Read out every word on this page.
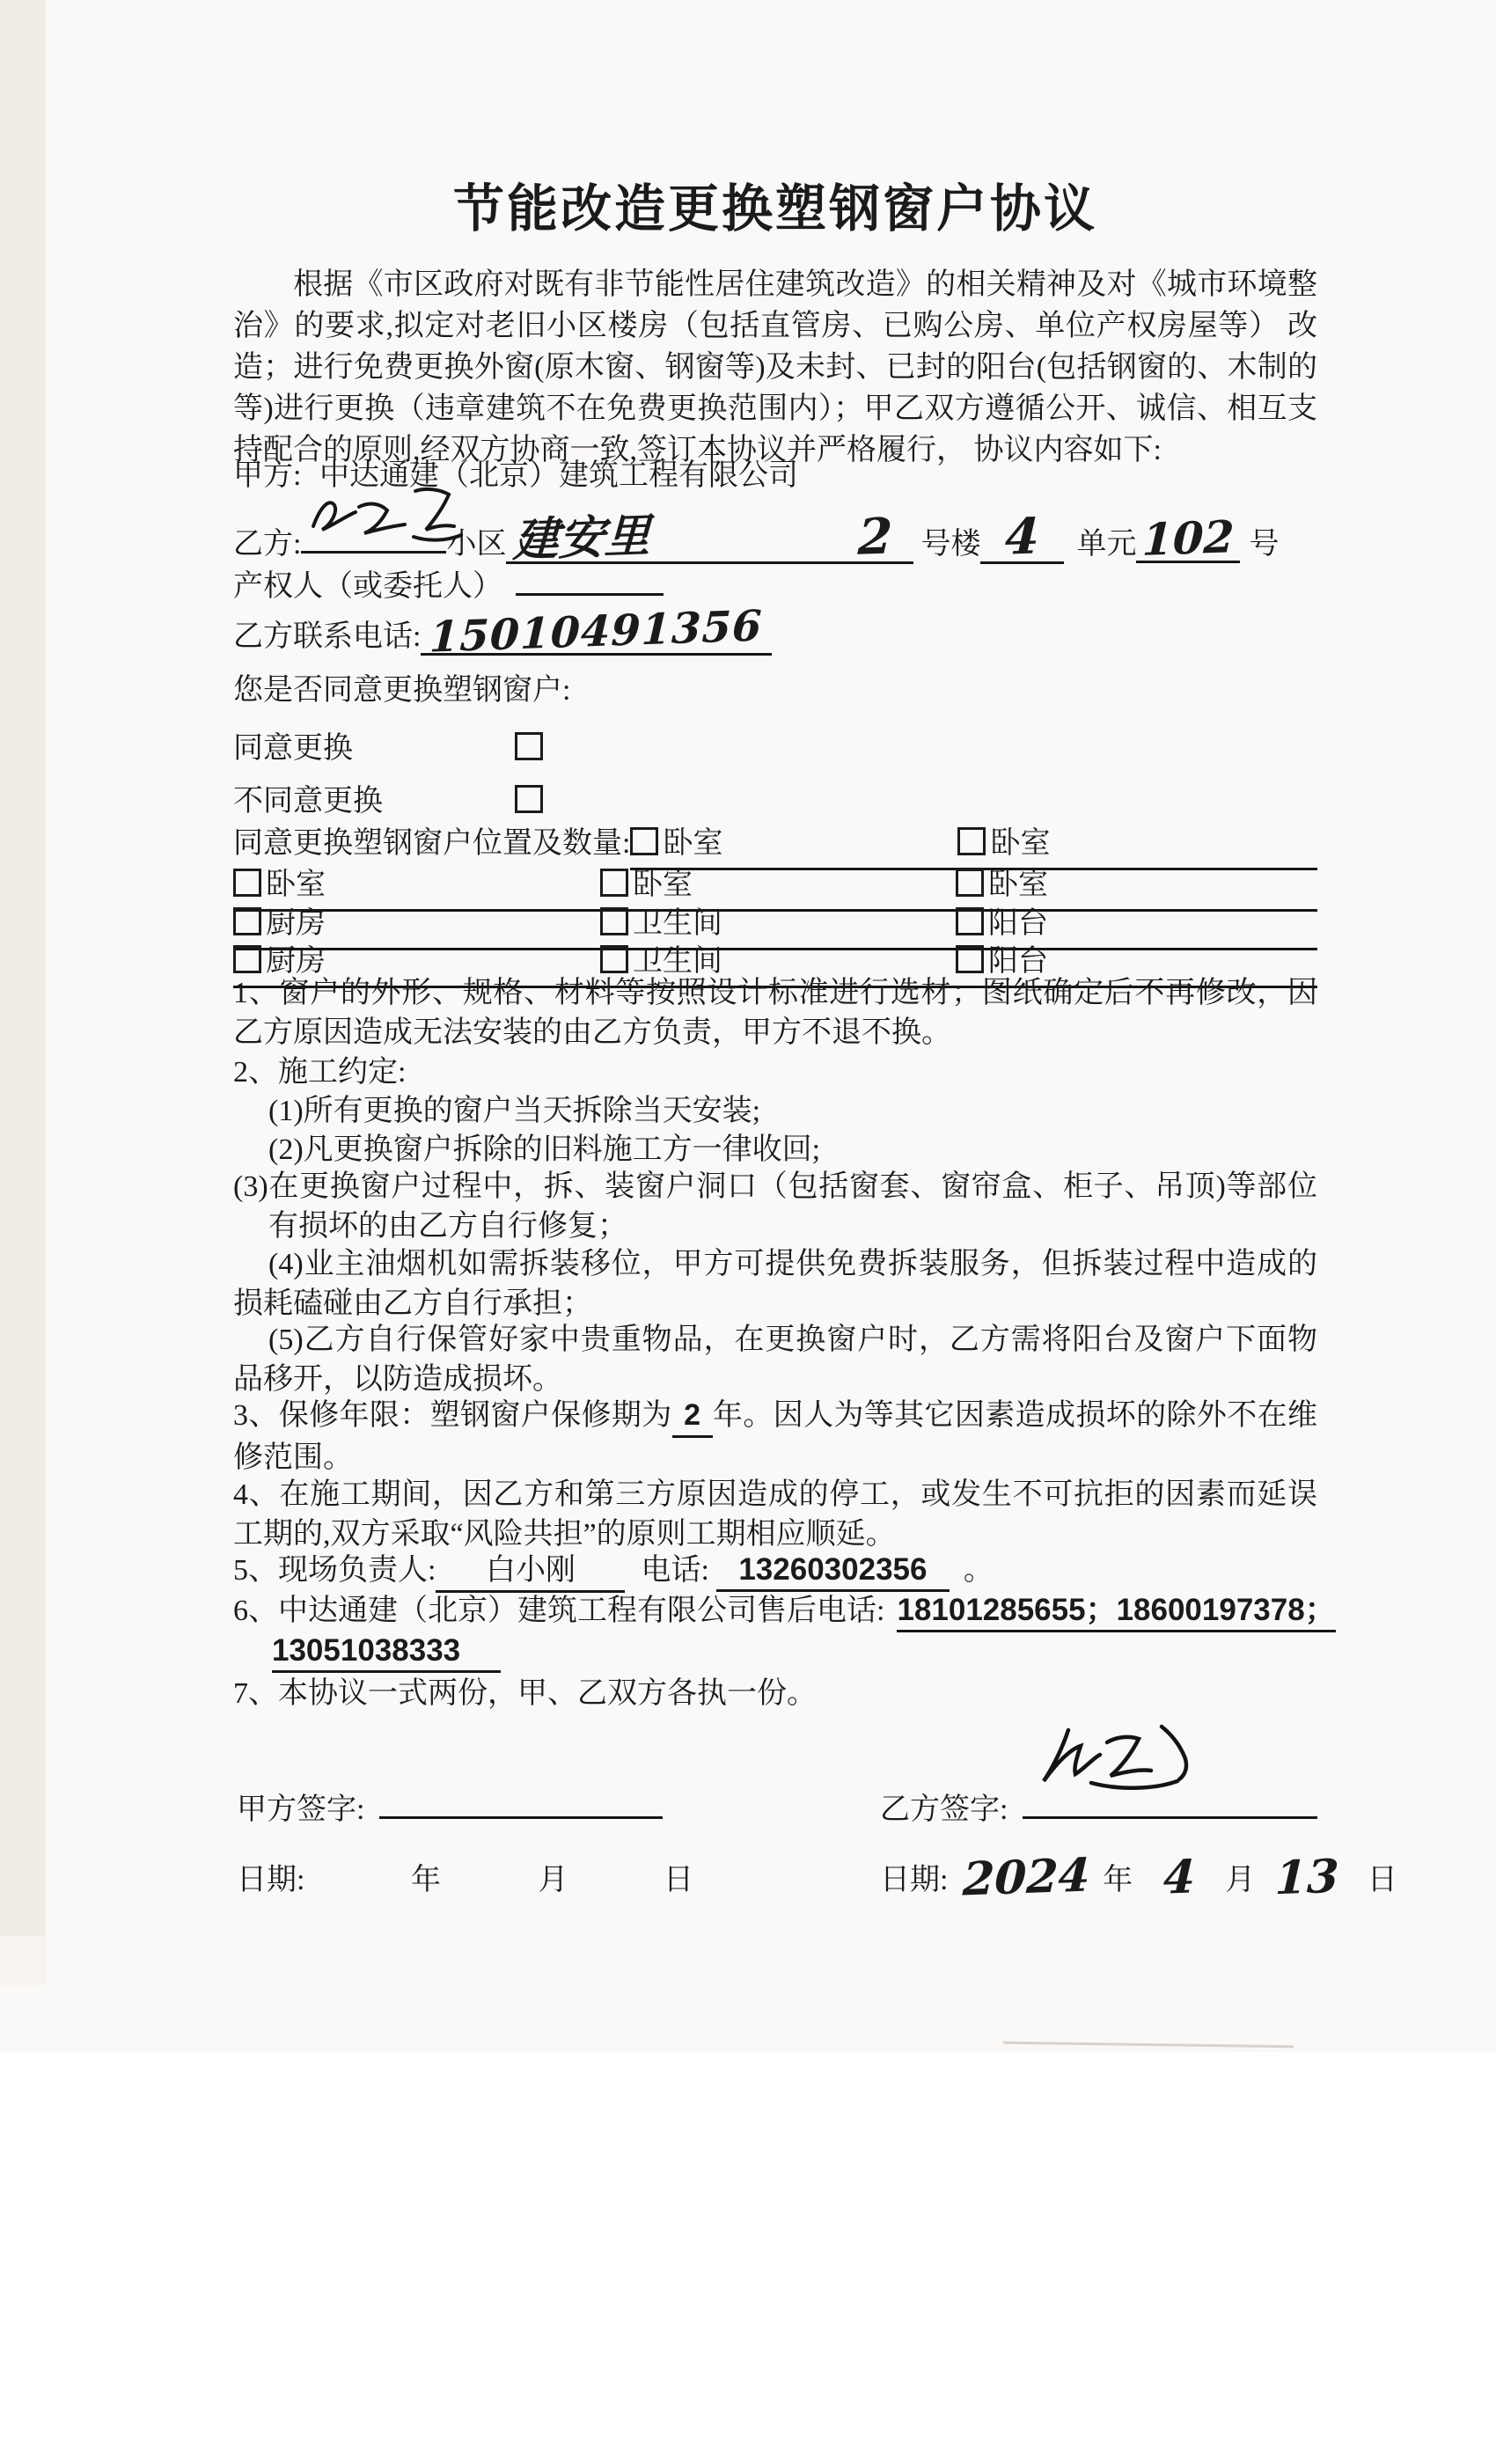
节能改造更换塑钢窗户协议
根据《市区政府对既有非节能性居住建筑改造》的相关精神及对《城市环境整治》的要求,拟定对老旧小区楼房（包括直管房、已购公房、单位产权房屋等） 改造；进行免费更换外窗(原木窗、钢窗等)及未封、已封的阳台(包括钢窗的、木制的等)进行更换（违章建筑不在免费更换范围内）；甲乙双方遵循公开、诚信、相互支持配合的原则,经双方协商一致,签订本协议并严格履行， 协议内容如下:
甲方: 中达通建（北京）建筑工程有限公司
乙方:	小区 建安里	2 号楼 4 单元 102 号
产权人（或委托人）
乙方联系电话: 15010491356
您是否同意更换塑钢窗户:
同意更换
不同意更换
同意更换塑钢窗户位置及数量:	卧室	卧室
卧室	卧室	卧室
厨房	卫生间	阳台
厨房	卫生间	阳台
1、窗户的外形、规格、材料等按照设计标准进行选材；图纸确定后不再修改，因乙方原因造成无法安装的由乙方负责，甲方不退不换。
2、施工约定:
(1)所有更换的窗户当天拆除当天安装;
(2)凡更换窗户拆除的旧料施工方一律收回;
(3)在更换窗户过程中，拆、装窗户洞口（包括窗套、窗帘盒、柜子、吊顶)等部位有损坏的由乙方自行修复；
(4)业主油烟机如需拆装移位，甲方可提供免费拆装服务，但拆装过程中造成的损耗磕碰由乙方自行承担；
(5)乙方自行保管好家中贵重物品，在更换窗户时，乙方需将阳台及窗户下面物品移开，以防造成损坏。
3、保修年限：塑钢窗户保修期为 2 年。因人为等其它因素造成损坏的除外不在维修范围。
4、在施工期间，因乙方和第三方原因造成的停工，或发生不可抗拒的因素而延误工期的,双方采取“风险共担”的原则工期相应顺延。
5、现场负责人: 白小刚 电话: 13260302356 。
6、中达通建（北京）建筑工程有限公司售后电话: 18101285655；18600197378；
13051038333
7、本协议一式两份，甲、乙双方各执一份。
甲方签字:	乙方签字:
日期:	年	月	日	日期: 2024 年 4 月 13 日
